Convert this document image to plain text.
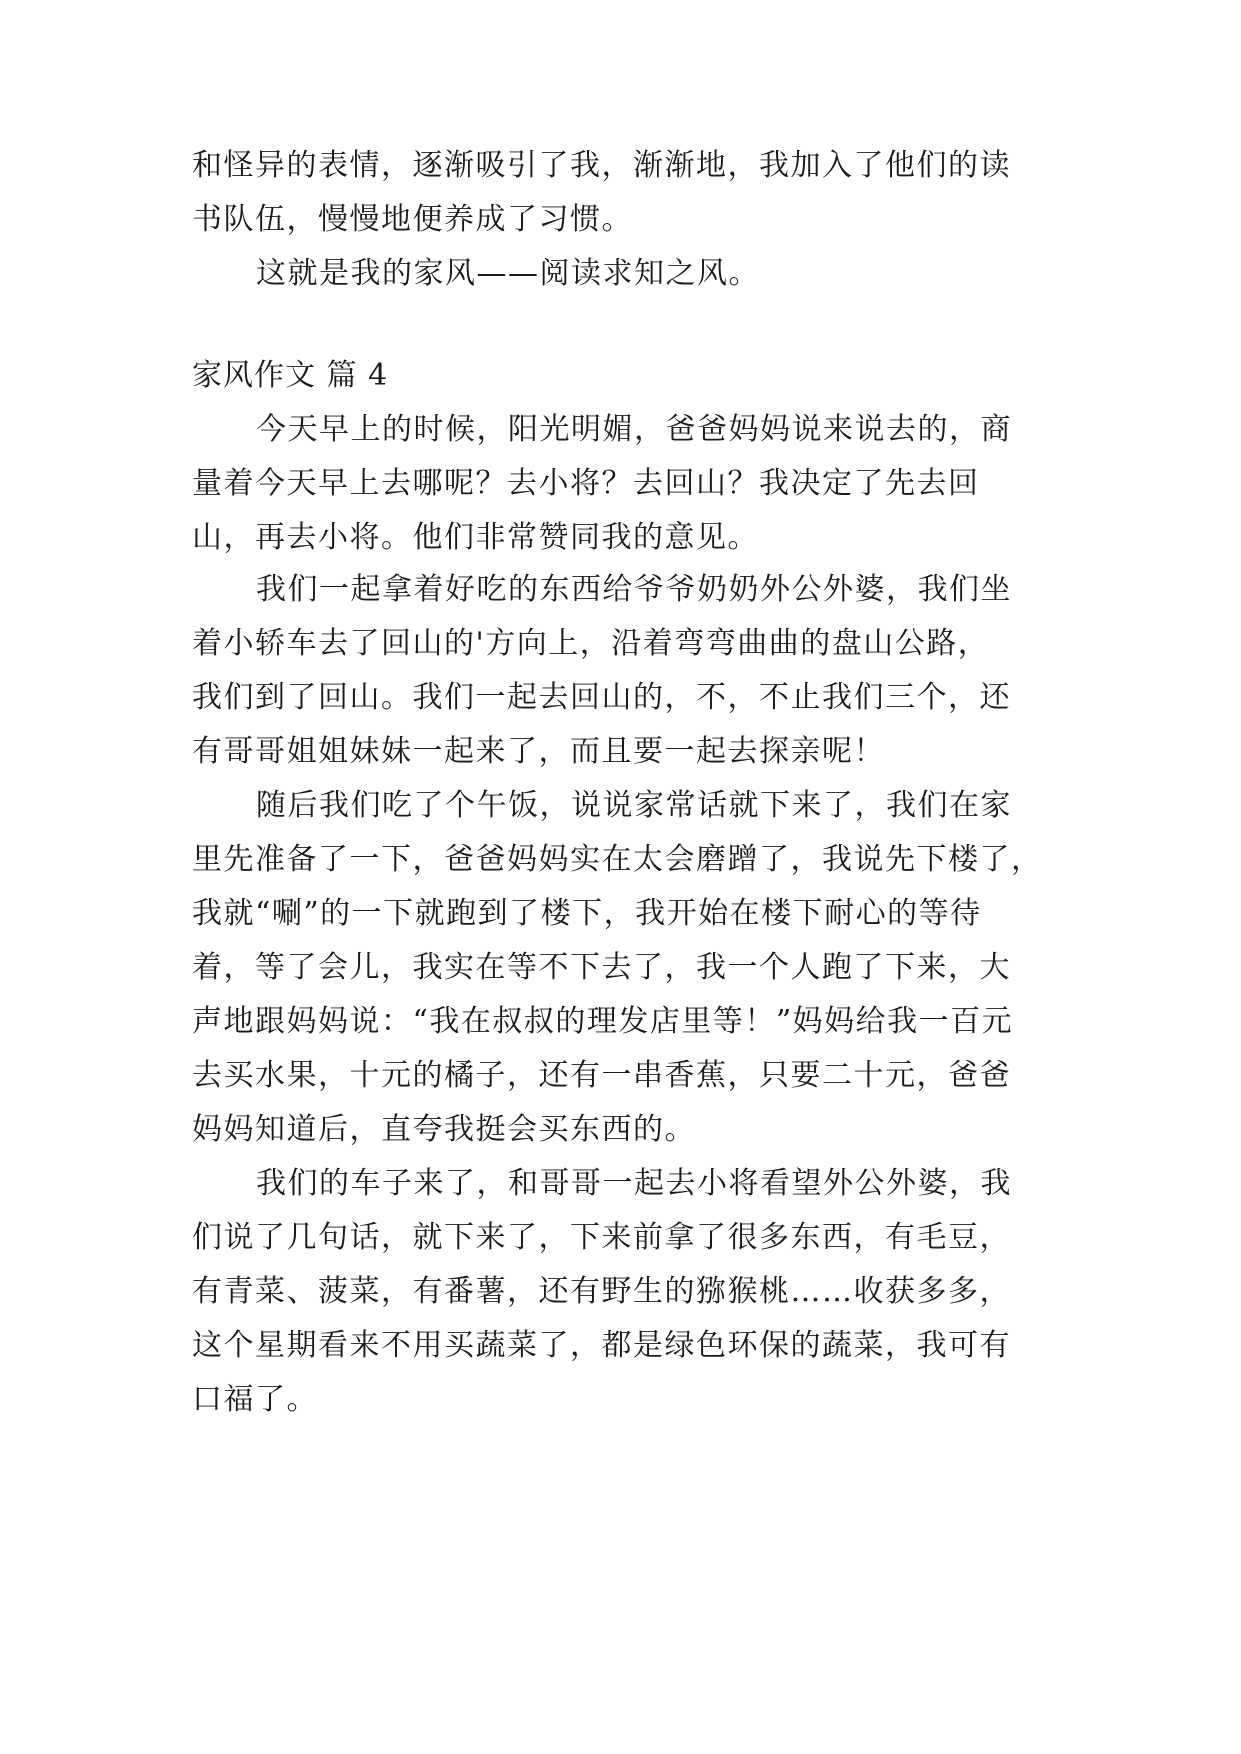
和怪异的表情，逐渐吸引了我，渐渐地，我加入了他们的读
书队伍，慢慢地便养成了习惯。
这就是我的家风——阅读求知之风。
家风作文 篇 4
今天早上的时候，阳光明媚，爸爸妈妈说来说去的，商
量着今天早上去哪呢？去小将？去回山？我决定了先去回
山，再去小将。他们非常赞同我的意见。
我们一起拿着好吃的东西给爷爷奶奶外公外婆，我们坐
着小轿车去了回山的'方向上，沿着弯弯曲曲的盘山公路，
我们到了回山。我们一起去回山的，不，不止我们三个，还
有哥哥姐姐妹妹一起来了，而且要一起去探亲呢！
随后我们吃了个午饭，说说家常话就下来了，我们在家
里先准备了一下，爸爸妈妈实在太会磨蹭了，我说先下楼了，
我就“唰”的一下就跑到了楼下，我开始在楼下耐心的等待
着，等了会儿，我实在等不下去了，我一个人跑了下来，大
声地跟妈妈说：“我在叔叔的理发店里等！”妈妈给我一百元
去买水果，十元的橘子，还有一串香蕉，只要二十元，爸爸
妈妈知道后，直夸我挺会买东西的。
我们的车子来了，和哥哥一起去小将看望外公外婆，我
们说了几句话，就下来了，下来前拿了很多东西，有毛豆，
有青菜、菠菜，有番薯，还有野生的猕猴桃……收获多多，
这个星期看来不用买蔬菜了，都是绿色环保的蔬菜，我可有
口福了。
